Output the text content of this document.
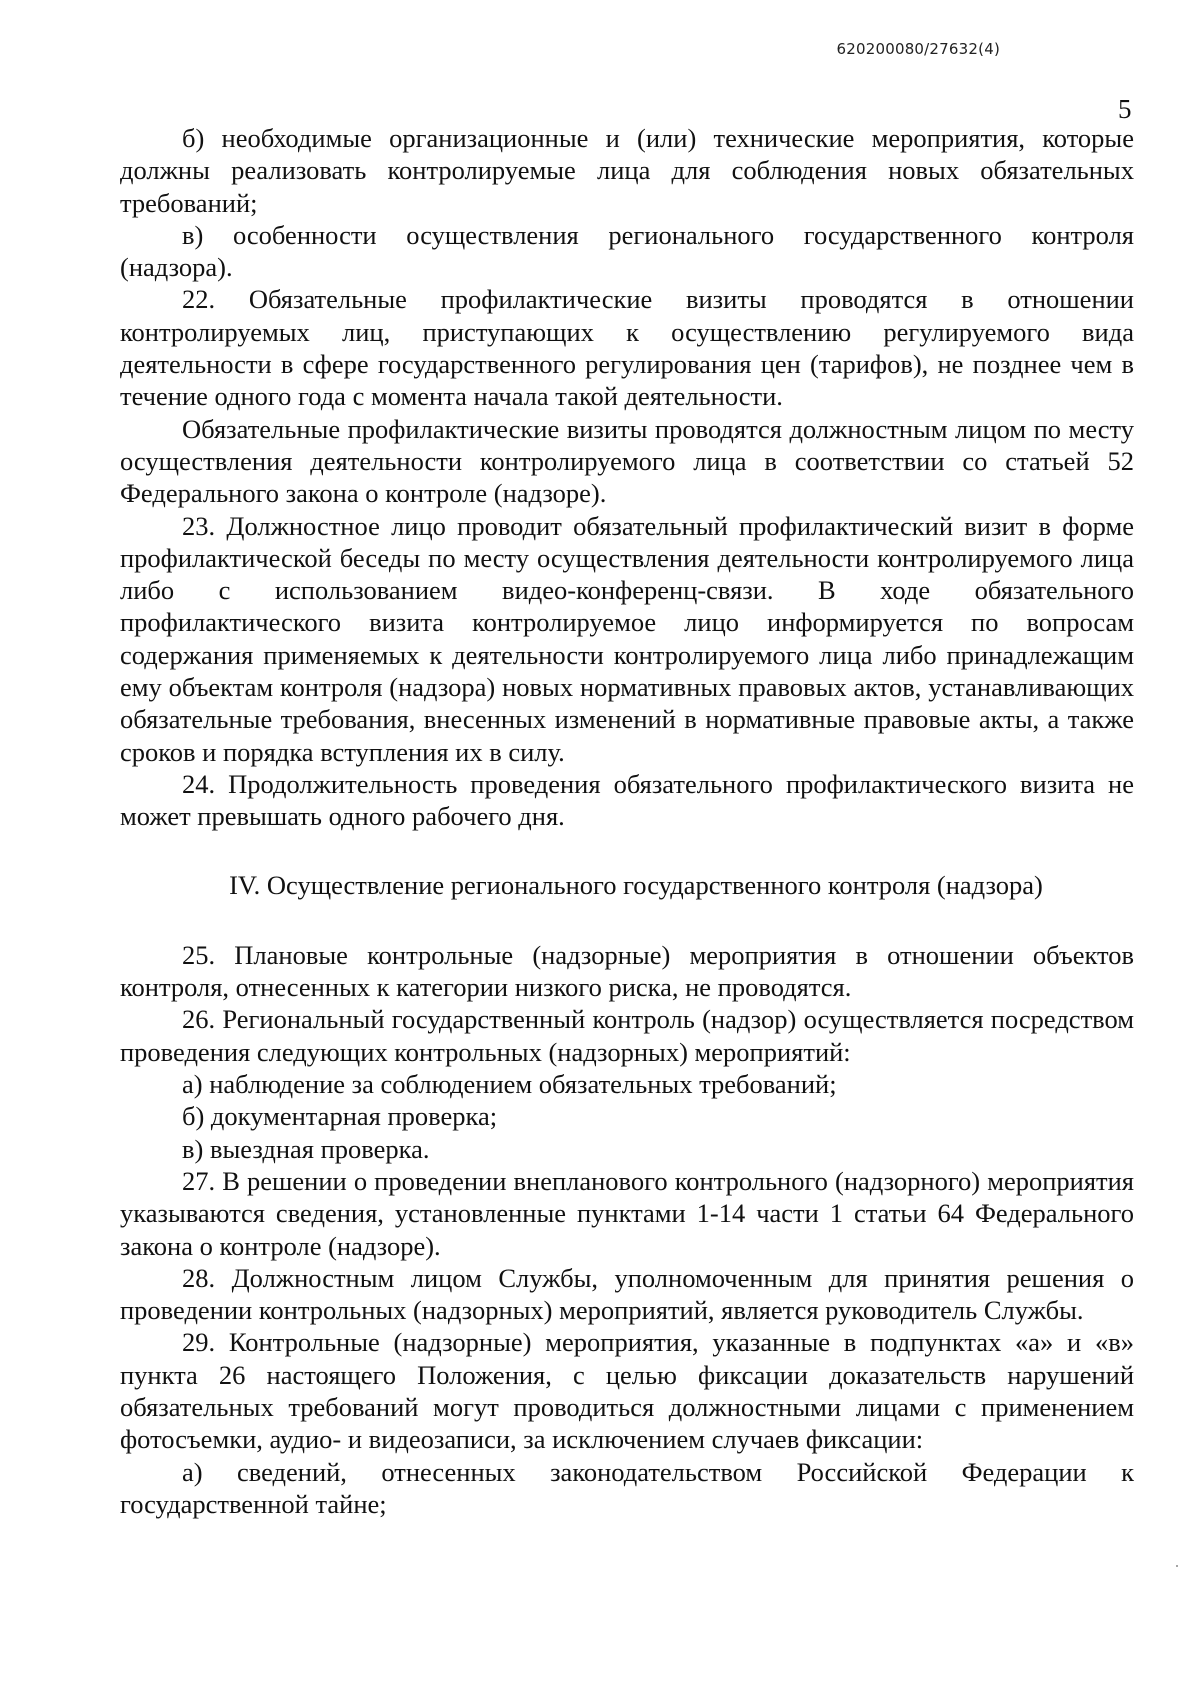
620200080/27632(4)
5

б) необходимые организационные и (или) технические мероприятия, которые должны реализовать контролируемые лица для соблюдения новых обязательных требований;

в) особенности осуществления регионального государственного контроля (надзора).

22. Обязательные профилактические визиты проводятся в отношении контролируемых лиц, приступающих к осуществлению регулируемого вида деятельности в сфере государственного регулирования цен (тарифов), не позднее чем в течение одного года с момента начала такой деятельности.

Обязательные профилактические визиты проводятся должностным лицом по месту осуществления деятельности контролируемого лица в соответствии со статьей 52 Федерального закона о контроле (надзоре).

23. Должностное лицо проводит обязательный профилактический визит в форме профилактической беседы по месту осуществления деятельности контролируемого лица либо с использованием видео-конференц-связи. В ходе обязательного профилактического визита контролируемое лицо информируется по вопросам содержания применяемых к деятельности контролируемого лица либо принадлежащим ему объектам контроля (надзора) новых нормативных правовых актов, устанавливающих обязательные требования, внесенных изменений в нормативные правовые акты, а также сроков и порядка вступления их в силу.

24. Продолжительность проведения обязательного профилактического визита не может превышать одного рабочего дня.

IV. Осуществление регионального государственного контроля (надзора)

25. Плановые контрольные (надзорные) мероприятия в отношении объектов контроля, отнесенных к категории низкого риска, не проводятся.

26. Региональный государственный контроль (надзор) осуществляется посредством проведения следующих контрольных (надзорных) мероприятий:

а) наблюдение за соблюдением обязательных требований;

б) документарная проверка;

в) выездная проверка.

27. В решении о проведении внепланового контрольного (надзорного) мероприятия указываются сведения, установленные пунктами 1-14 части 1 статьи 64 Федерального закона о контроле (надзоре).

28. Должностным лицом Службы, уполномоченным для принятия решения о проведении контрольных (надзорных) мероприятий, является руководитель Службы.

29. Контрольные (надзорные) мероприятия, указанные в подпунктах «а» и «в» пункта 26 настоящего Положения, с целью фиксации доказательств нарушений обязательных требований могут проводиться должностными лицами с применением фотосъемки, аудио- и видеозаписи, за исключением случаев фиксации:

а) сведений, отнесенных законодательством Российской Федерации к государственной тайне;
